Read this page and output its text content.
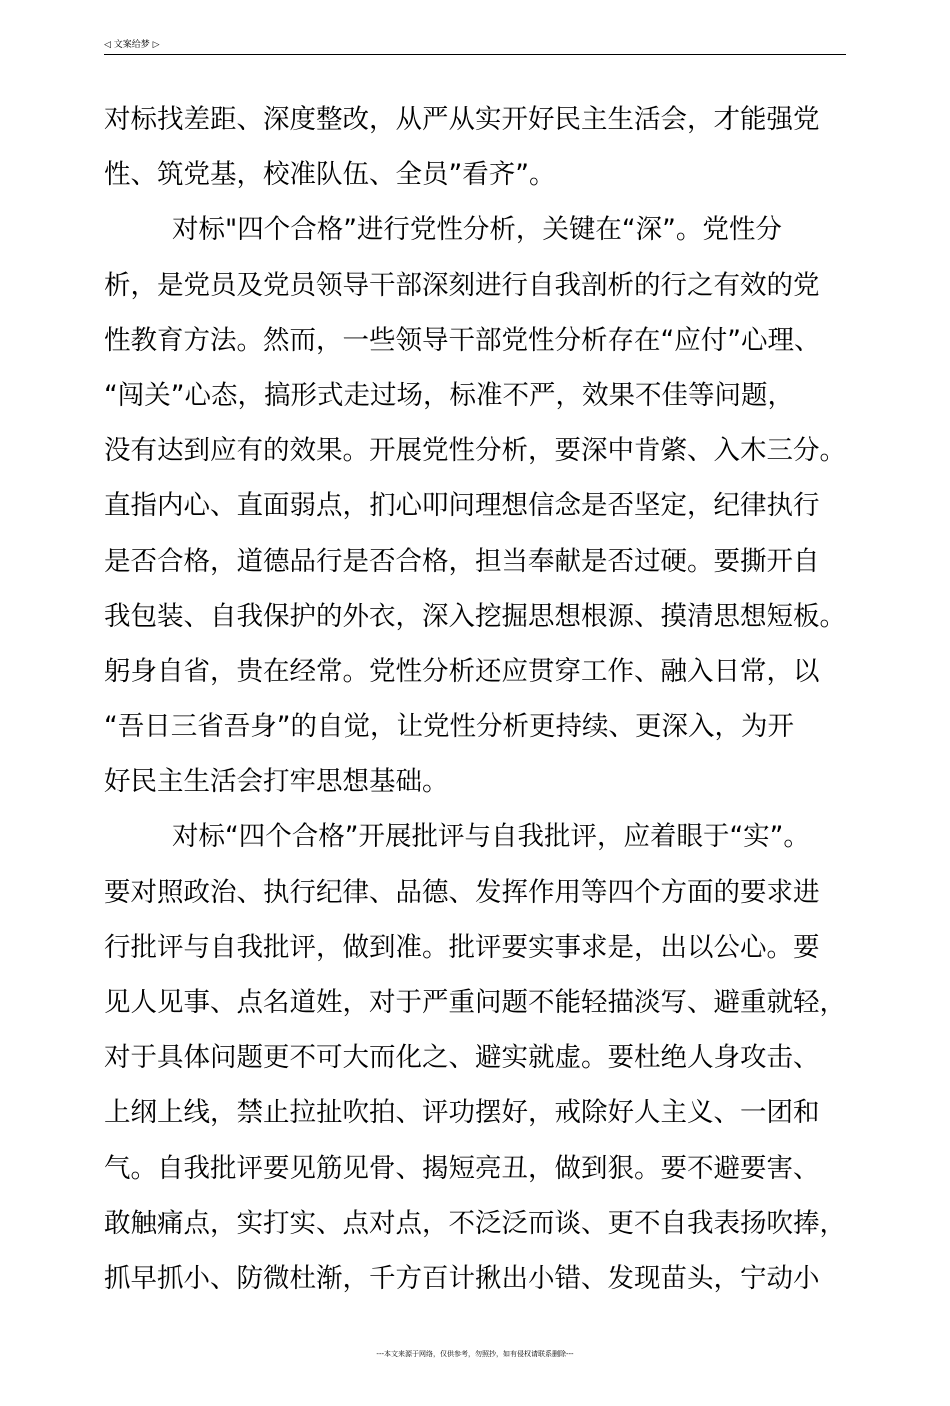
◁ 文案给梦 ▷
对标找差距、深度整改，从严从实开好民主生活会，才能强党
性、筑党基，校准队伍、全员”看齐”。
对标"四个合格”进行党性分析，关键在“深”。党性分
析，是党员及党员领导干部深刻进行自我剖析的行之有效的党
性教育方法。然而，一些领导干部党性分析存在“应付”心理、
“闯关”心态，搞形式走过场，标准不严，效果不佳等问题，
没有达到应有的效果。开展党性分析，要深中肯綮、入木三分。
直指内心、直面弱点，扪心叩问理想信念是否坚定，纪律执行
是否合格，道德品行是否合格，担当奉献是否过硬。要撕开自
我包装、自我保护的外衣，深入挖掘思想根源、摸清思想短板。
躬身自省，贵在经常。党性分析还应贯穿工作、融入日常，以
“吾日三省吾身”的自觉，让党性分析更持续、更深入，为开
好民主生活会打牢思想基础。
对标“四个合格”开展批评与自我批评，应着眼于“实”。
要对照政治、执行纪律、品德、发挥作用等四个方面的要求进
行批评与自我批评，做到准。批评要实事求是，出以公心。要
见人见事、点名道姓，对于严重问题不能轻描淡写、避重就轻，
对于具体问题更不可大而化之、避实就虚。要杜绝人身攻击、
上纲上线，禁止拉扯吹拍、评功摆好，戒除好人主义、一团和
气。自我批评要见筋见骨、揭短亮丑，做到狠。要不避要害、
敢触痛点，实打实、点对点，不泛泛而谈、更不自我表扬吹捧，
抓早抓小、防微杜渐，千方百计揪出小错、发现苗头，宁动小
---本文来源于网络，仅供参考，勿照抄，如有侵权请联系删除---
